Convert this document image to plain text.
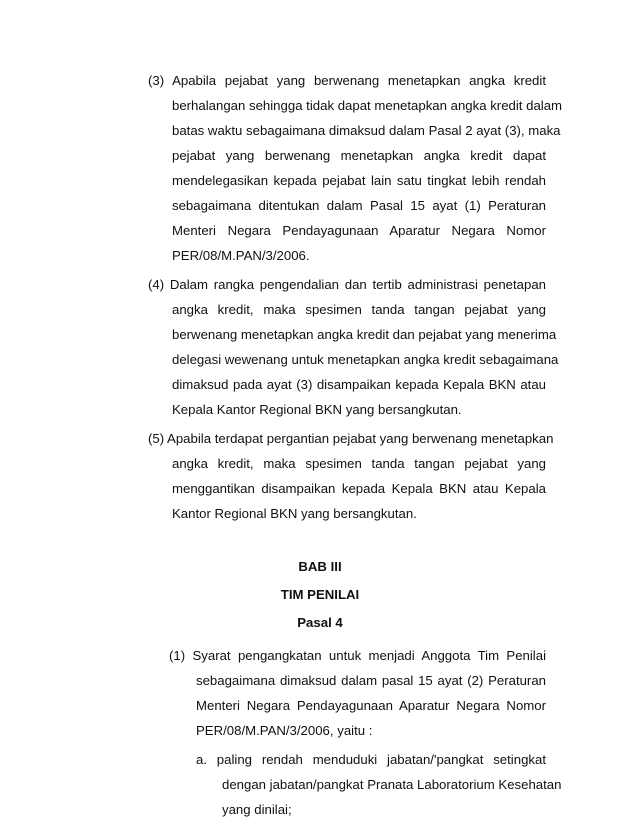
(3) Apabila pejabat yang berwenang menetapkan angka kredit
berhalangan sehingga tidak dapat menetapkan angka kredit dalam
batas waktu sebagaimana dimaksud dalam Pasal 2 ayat (3), maka
pejabat yang berwenang menetapkan angka kredit dapat
mendelegasikan kepada pejabat lain satu tingkat lebih rendah
sebagaimana ditentukan dalam Pasal 15 ayat (1) Peraturan
Menteri Negara Pendayagunaan Aparatur Negara Nomor
PER/08/M.PAN/3/2006.
(4) Dalam rangka pengendalian dan tertib administrasi penetapan
angka kredit, maka spesimen tanda tangan pejabat yang
berwenang menetapkan angka kredit dan pejabat yang menerima
delegasi wewenang untuk menetapkan angka kredit sebagaimana
dimaksud pada ayat (3) disampaikan kepada Kepala BKN atau
Kepala Kantor Regional BKN yang bersangkutan.
(5) Apabila terdapat pergantian pejabat yang berwenang menetapkan
angka kredit, maka spesimen tanda tangan pejabat yang
menggantikan disampaikan kepada Kepala BKN atau Kepala
Kantor Regional BKN yang bersangkutan.
BAB III
TIM PENILAI
Pasal 4
(1) Syarat pengangkatan untuk menjadi Anggota Tim Penilai
sebagaimana dimaksud dalam pasal 15 ayat (2) Peraturan
Menteri Negara Pendayagunaan Aparatur Negara Nomor
PER/08/M.PAN/3/2006, yaitu :
a. paling rendah menduduki jabatan/'pangkat setingkat
dengan jabatan/pangkat Pranata Laboratorium Kesehatan
yang dinilai;
